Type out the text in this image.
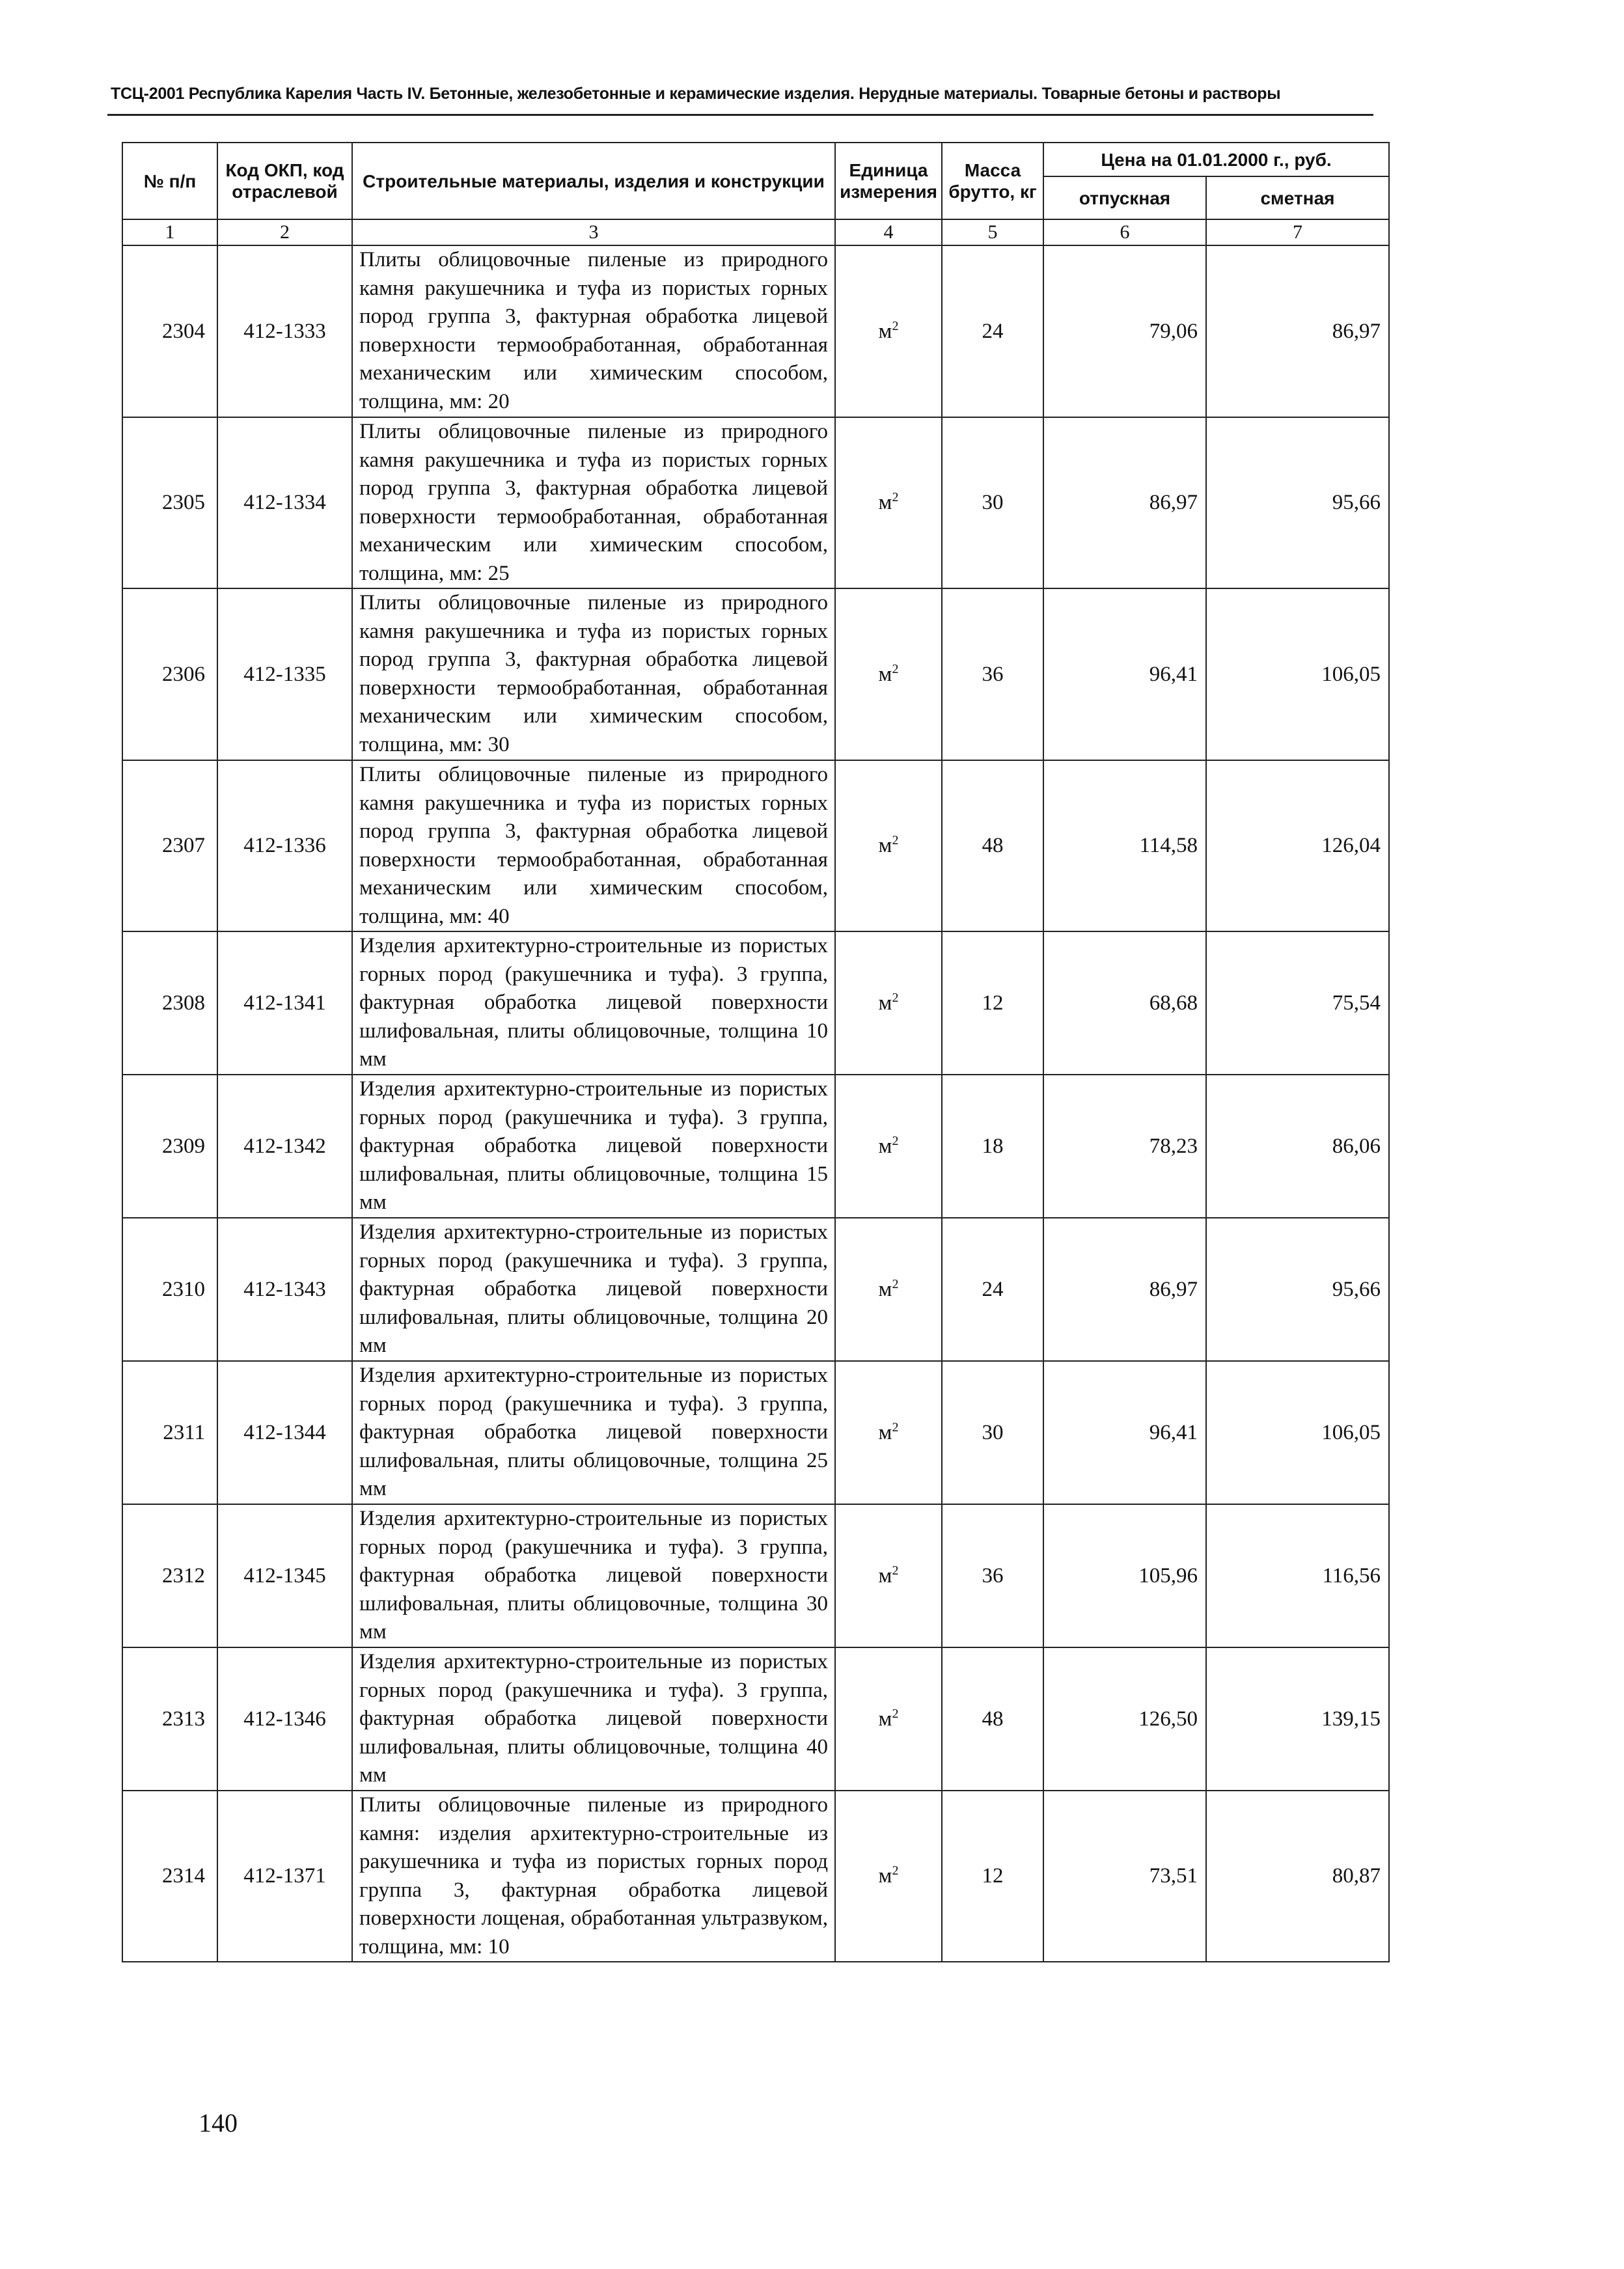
ТСЦ-2001 Республика Карелия Часть IV. Бетонные, железобетонные и керамические изделия. Нерудные материалы. Товарные бетоны и растворы
№ п/п	Код ОКП, код отраслевой	Строительные материалы, изделия и конструкции	Единица измерения	Масса брутто, кг	Цена на 01.01.2000 г., руб.	
					отпускная	сметная
1	2	3	4	5	6	7
2304	412-1333	Плиты облицовочные пиленые из природного камня ракушечника и туфа из пористых горных пород группа 3, фактурная обработка лицевой поверхности термообработанная, обработанная механическим или химическим способом, толщина, мм: 20	$м^2$	24	79,06	86,97
2305	412-1334	Плиты облицовочные пиленые из природного камня ракушечника и туфа из пористых горных пород группа 3, фактурная обработка лицевой поверхности термообработанная, обработанная механическим или химическим способом, толщина, мм: 25	$м^2$	30	86,97	95,66
2306	412-1335	Плиты облицовочные пиленые из природного камня ракушечника и туфа из пористых горных пород группа 3, фактурная обработка лицевой поверхности термообработанная, обработанная механическим или химическим способом, толщина, мм: 30	$м^2$	36	96,41	106,05
2307	412-1336	Плиты облицовочные пиленые из природного камня ракушечника и туфа из пористых горных пород группа 3, фактурная обработка лицевой поверхности термообработанная, обработанная механическим или химическим способом, толщина, мм: 40	$м^2$	48	114,58	126,04
2308	412-1341	Изделия архитектурно-строительные из пористых горных пород (ракушечника и туфа). 3 группа, фактурная обработка лицевой поверхности шлифовальная, плиты облицовочные, толщина 10 мм	$м^2$	12	68,68	75,54
2309	412-1342	Изделия архитектурно-строительные из пористых горных пород (ракушечника и туфа). 3 группа, фактурная обработка лицевой поверхности шлифовальная, плиты облицовочные, толщина 15 мм	$м^2$	18	78,23	86,06
2310	412-1343	Изделия архитектурно-строительные из пористых горных пород (ракушечника и туфа). 3 группа, фактурная обработка лицевой поверхности шлифовальная, плиты облицовочные, толщина 20 мм	$м^2$	24	86,97	95,66
2311	412-1344	Изделия архитектурно-строительные из пористых горных пород (ракушечника и туфа). 3 группа, фактурная обработка лицевой поверхности шлифовальная, плиты облицовочные, толщина 25 мм	$м^2$	30	96,41	106,05
2312	412-1345	Изделия архитектурно-строительные из пористых горных пород (ракушечника и туфа). 3 группа, фактурная обработка лицевой поверхности шлифовальная, плиты облицовочные, толщина 30 мм	$м^2$	36	105,96	116,56
2313	412-1346	Изделия архитектурно-строительные из пористых горных пород (ракушечника и туфа). 3 группа, фактурная обработка лицевой поверхности шлифовальная, плиты облицовочные, толщина 40 мм	$м^2$	48	126,50	139,15
2314	412-1371	Плиты облицовочные пиленые из природного камня: изделия архитектурно-строительные из ракушечника и туфа из пористых горных пород группа 3, фактурная обработка лицевой поверхности лощеная, обработанная ультразвуком, толщина, мм: 10	$м^2$	12	73,51	80,87
140
